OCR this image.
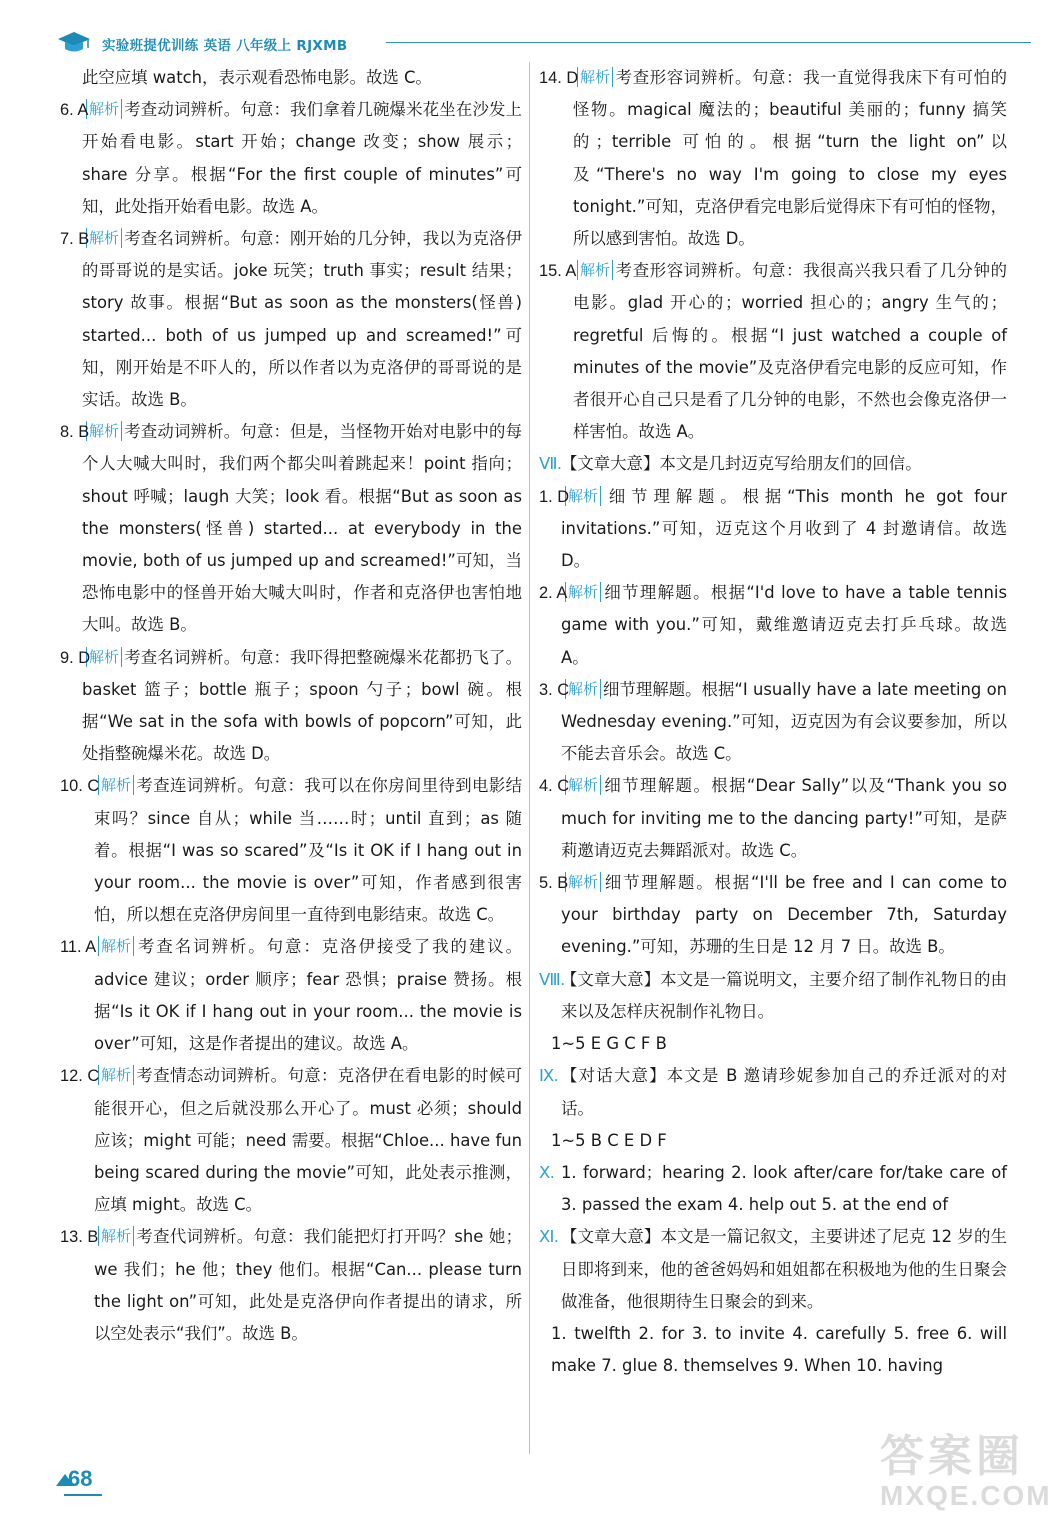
实验班提优训练 英语 八年级上 RJXMB
此空应填 watch，表示观看恐怖电影。故选 C。
6. A 解析 考查动词辨析。句意：我们拿着几碗爆米花坐在沙发上开始看电影。start 开始；change 改变；show 展示；share 分享。根据“For the first couple of minutes”可知，此处指开始看电影。故选 A。
7. B 解析 考查名词辨析。句意：刚开始的几分钟，我以为克洛伊的哥哥说的是实话。joke 玩笑；truth 事实；result 结果；story 故事。根据“But as soon as the monsters(怪兽) started... both of us jumped up and screamed!”可知，刚开始是不吓人的，所以作者以为克洛伊的哥哥说的是实话。故选 B。
8. B 解析 考查动词辨析。句意：但是，当怪物开始对电影中的每个人大喊大叫时，我们两个都尖叫着跳起来！point 指向；shout 呼喊；laugh 大笑；look 看。根据“But as soon as the monsters(怪兽) started... at everybody in the movie, both of us jumped up and screamed!”可知，当恐怖电影中的怪兽开始大喊大叫时，作者和克洛伊也害怕地大叫。故选 B。
9. D
解析 考查名词辨析。句意：我吓得把整碗爆米花都扔飞了。basket 篮子；bottle 瓶子；spoon 勺子；bowl 碗。根据“We sat in the sofa with bowls of popcorn”可知，此处指整碗爆米花。故选 D。
10. C 解析 考查连词辨析。句意：我可以在你房间里待到电影结束吗？since 自从；while 当……时；until 直到；as 随着。根据“I was so scared”及“Is it OK if I hang out in your room... the movie is over”可知，作者感到很害怕，所以想在克洛伊房间里一直待到电影结束。故选 C。
11. A 解析 考查名词辨析。句意：克洛伊接受了我的建议。advice 建议；order 顺序；fear 恐惧；praise 赞扬。根据“Is it OK if I hang out in your room... the movie is over”可知，这是作者提出的建议。故选 A。
12. C 解析 考查情态动词辨析。句意：克洛伊在看电影的时候可能很开心，但之后就没那么开心了。must 必须；should 应该；might 可能；need 需要。根据“Chloe... have fun being scared during the movie”可知，此处表示推测，应填 might。故选 C。
13. B 解析 考查代词辨析。句意：我们能把灯打开吗？she 她；we 我们；he 他；they 他们。根据“Can... please turn the light on”可知，此处是克洛伊向作者提出的请求，所以空处表示“我们”。故选 B。
14. D 解析 考查形容词辨析。句意：我一直觉得我床下有可怕的怪物。magical 魔法的；beautiful 美丽的；funny 搞笑的；terrible 可怕的。根据“turn the light on”以及“There's no way I'm going to close my eyes tonight.”可知，克洛伊看完电影后觉得床下有可怕的怪物，所以感到害怕。故选 D。
15. A 解析 考查形容词辨析。句意：我很高兴我只看了几分钟的电影。glad 开心的；worried 担心的；angry 生气的；regretful 后悔的。根据“I just watched a couple of minutes of the movie”及克洛伊看完电影的反应可知，作者很开心自己只是看了几分钟的电影，不然也会像克洛伊一样害怕。故选 A。
Ⅶ. 【文章大意】本文是几封迈克写给朋友们的回信。
1. D
解析 细节理解题。根据“This month he got four invitations.”可知，迈克这个月收到了 4 封邀请信。故选 D。
2. A 解析 细节理解题。根据“I'd love to have a table tennis game with you.”可知，戴维邀请迈克去打乒乓球。故选 A。
3. C
解析 细节理解题。根据“I usually have a late meeting on Wednesday evening.”可知，迈克因为有会议要参加，所以不能去音乐会。故选 C。
4. C
解析 细节理解题。根据“Dear Sally”以及“Thank you so much for inviting me to the dancing party!”可知，是萨莉邀请迈克去舞蹈派对。故选 C。
5. B 解析 细节理解题。根据“I'll be free and I can come to your birthday party on December 7th, Saturday evening.”可知，苏珊的生日是 12 月 7 日。故选 B。
Ⅷ.
【文章大意】本文是一篇说明文，主要介绍了制作礼物日的由来以及怎样庆祝制作礼物日。
1~5 E G C F B
Ⅸ. 【对话大意】本文是 B 邀请珍妮参加自己的乔迁派对的对话。
1~5 B C E D F
Ⅹ. 1. forward；hearing 2. look after/care for/take care of 3. passed the exam 4. help out 5. at the end of
Ⅺ. 【文章大意】本文是一篇记叙文，主要讲述了尼克 12 岁的生日即将到来，他的爸爸妈妈和姐姐都在积极地为他的生日聚会做准备，他很期待生日聚会的到来。
1. twelfth 2. for 3. to invite 4. carefully 5. free 6. will make 7. glue 8. themselves 9. When 10. having
68	答案圈
MXQE.COM
